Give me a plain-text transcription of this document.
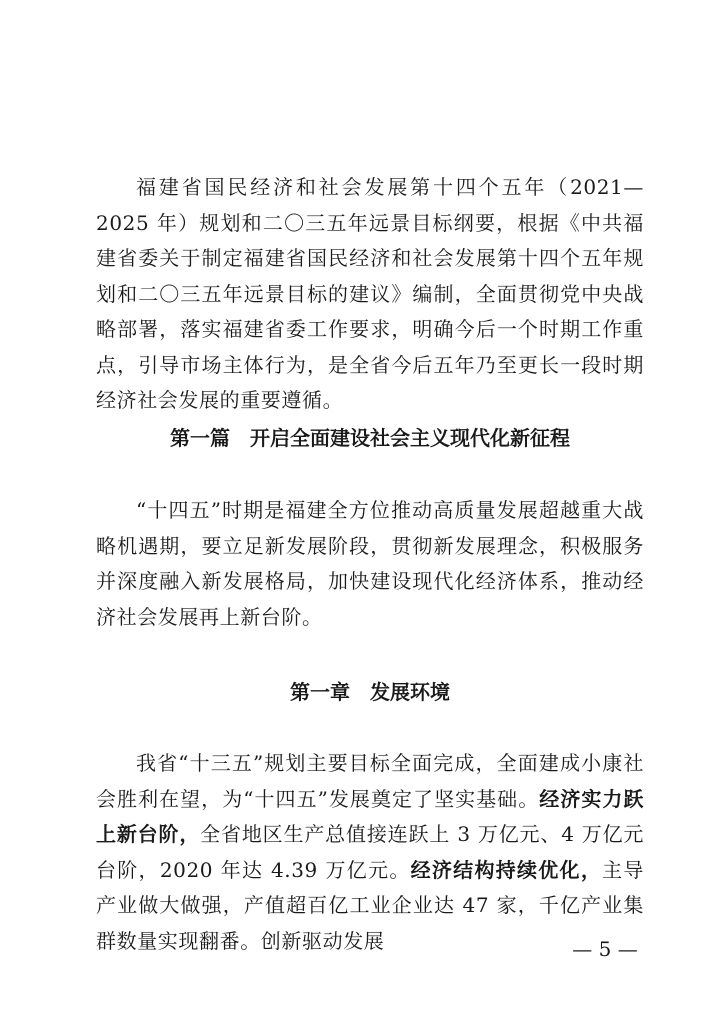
福建省国民经济和社会发展第十四个五年（2021—2025 年）规划和二〇三五年远景目标纲要，根据《中共福建省委关于制定福建省国民经济和社会发展第十四个五年规划和二〇三五年远景目标的建议》编制，全面贯彻党中央战略部署，落实福建省委工作要求，明确今后一个时期工作重点，引导市场主体行为，是全省今后五年乃至更长一段时期经济社会发展的重要遵循。

第一篇 开启全面建设社会主义现代化新征程

“十四五”时期是福建全方位推动高质量发展超越重大战略机遇期，要立足新发展阶段，贯彻新发展理念，积极服务并深度融入新发展格局，加快建设现代化经济体系，推动经济社会发展再上新台阶。

第一章 发展环境

我省“十三五”规划主要目标全面完成，全面建成小康社会胜利在望，为“十四五”发展奠定了坚实基础。经济实力跃上新台阶，全省地区生产总值接连跃上 3 万亿元、4 万亿元台阶，2020 年达 4.39 万亿元。经济结构持续优化，主导产业做大做强，产值超百亿工业企业达 47 家，千亿产业集群数量实现翻番。创新驱动发展	— 5 —
